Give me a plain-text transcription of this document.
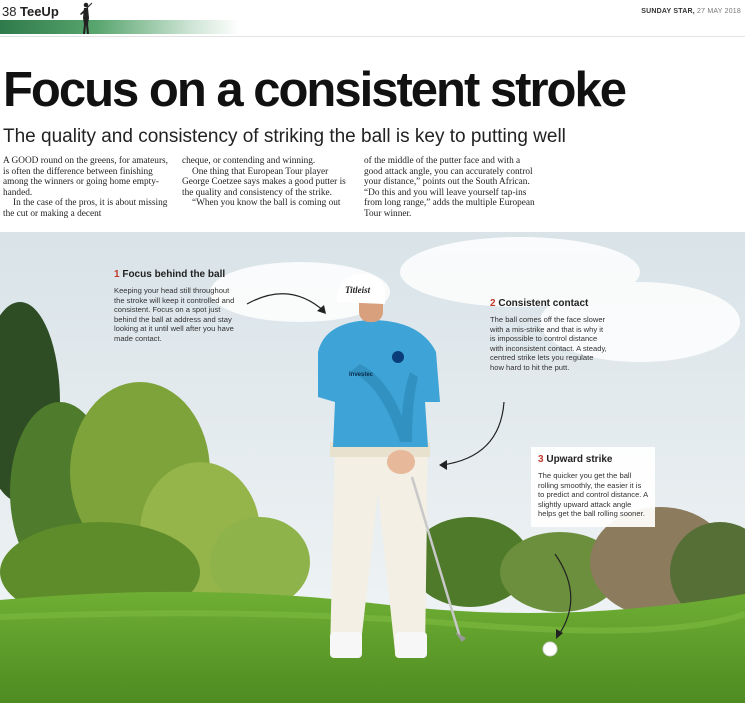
38 TeeUp	SUNDAY STAR, 27 MAY 2018
Focus on a consistent stroke
The quality and consistency of striking the ball is key to putting well

A GOOD round on the greens, for amateurs, is often the difference between finishing among the winners or going home empty-handed.

In the case of the pros, it is about missing the cut or making a decent

cheque, or contending and winning.

One thing that European Tour player George Coetzee says makes a good putter is the quality and consistency of the strike.

“When you know the ball is coming out

of the middle of the putter face and with a good attack angle, you can accurately control your distance,” points out the South African. “Do this and you will leave yourself tap-ins from long range,” adds the multiple European Tour winner.

Titleist
Investec
1 Focus behind the ball

Keeping your head still throughout the stroke will keep it controlled and consistent. Focus on a spot just behind the ball at address and stay looking at it until well after you have made contact.

2 Consistent contact

The ball comes off the face slower with a mis-strike and that is why it is impossible to control distance with inconsistent contact. A steady, centred strike lets you regulate how hard to hit the putt.

3 Upward strike

The quicker you get the ball rolling smoothly, the easier it is to predict and control distance. A slightly upward attack angle helps get the ball rolling sooner.
